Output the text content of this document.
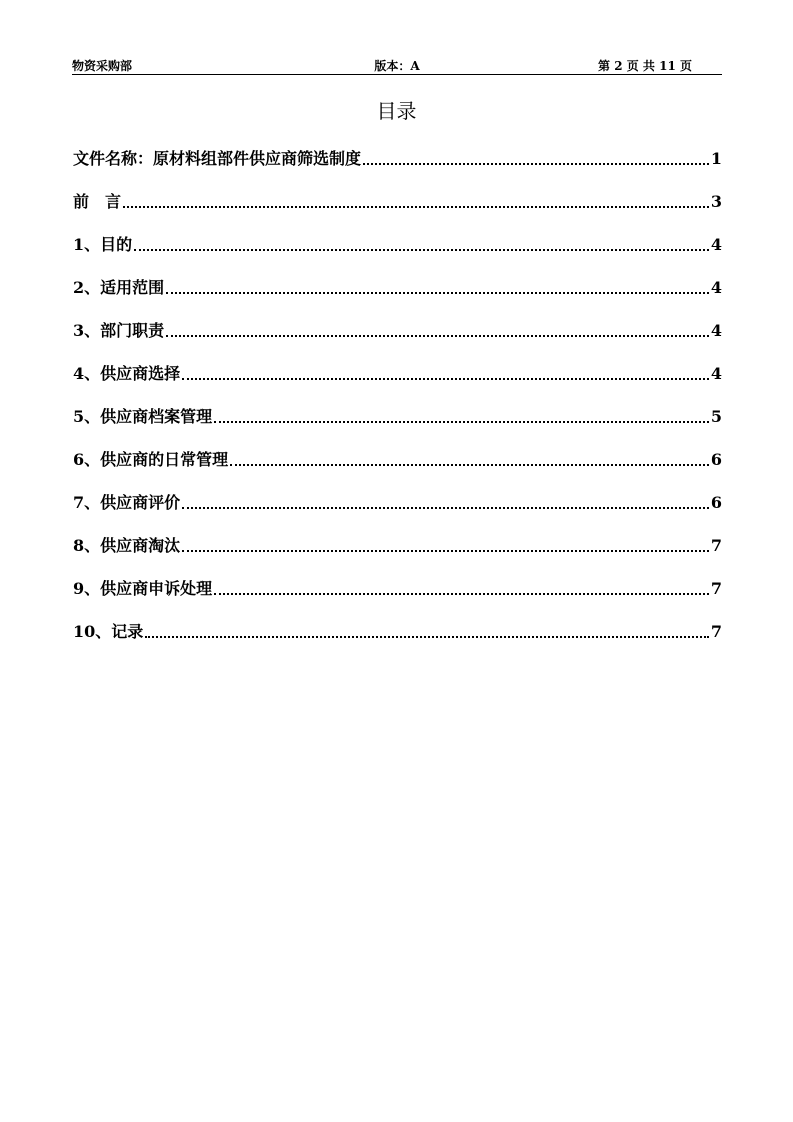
物资采购部	版本：A	第 2 页 共 11 页
目录
文件名称：原材料组部件供应商筛选制度	1
前　言	3
1、目的	4
2、适用范围	4
3、部门职责	4
4、供应商选择	4
5、供应商档案管理	5
6、供应商的日常管理	6
7、供应商评价	6
8、供应商淘汰	7
9、供应商申诉处理	7
10、记录	7
